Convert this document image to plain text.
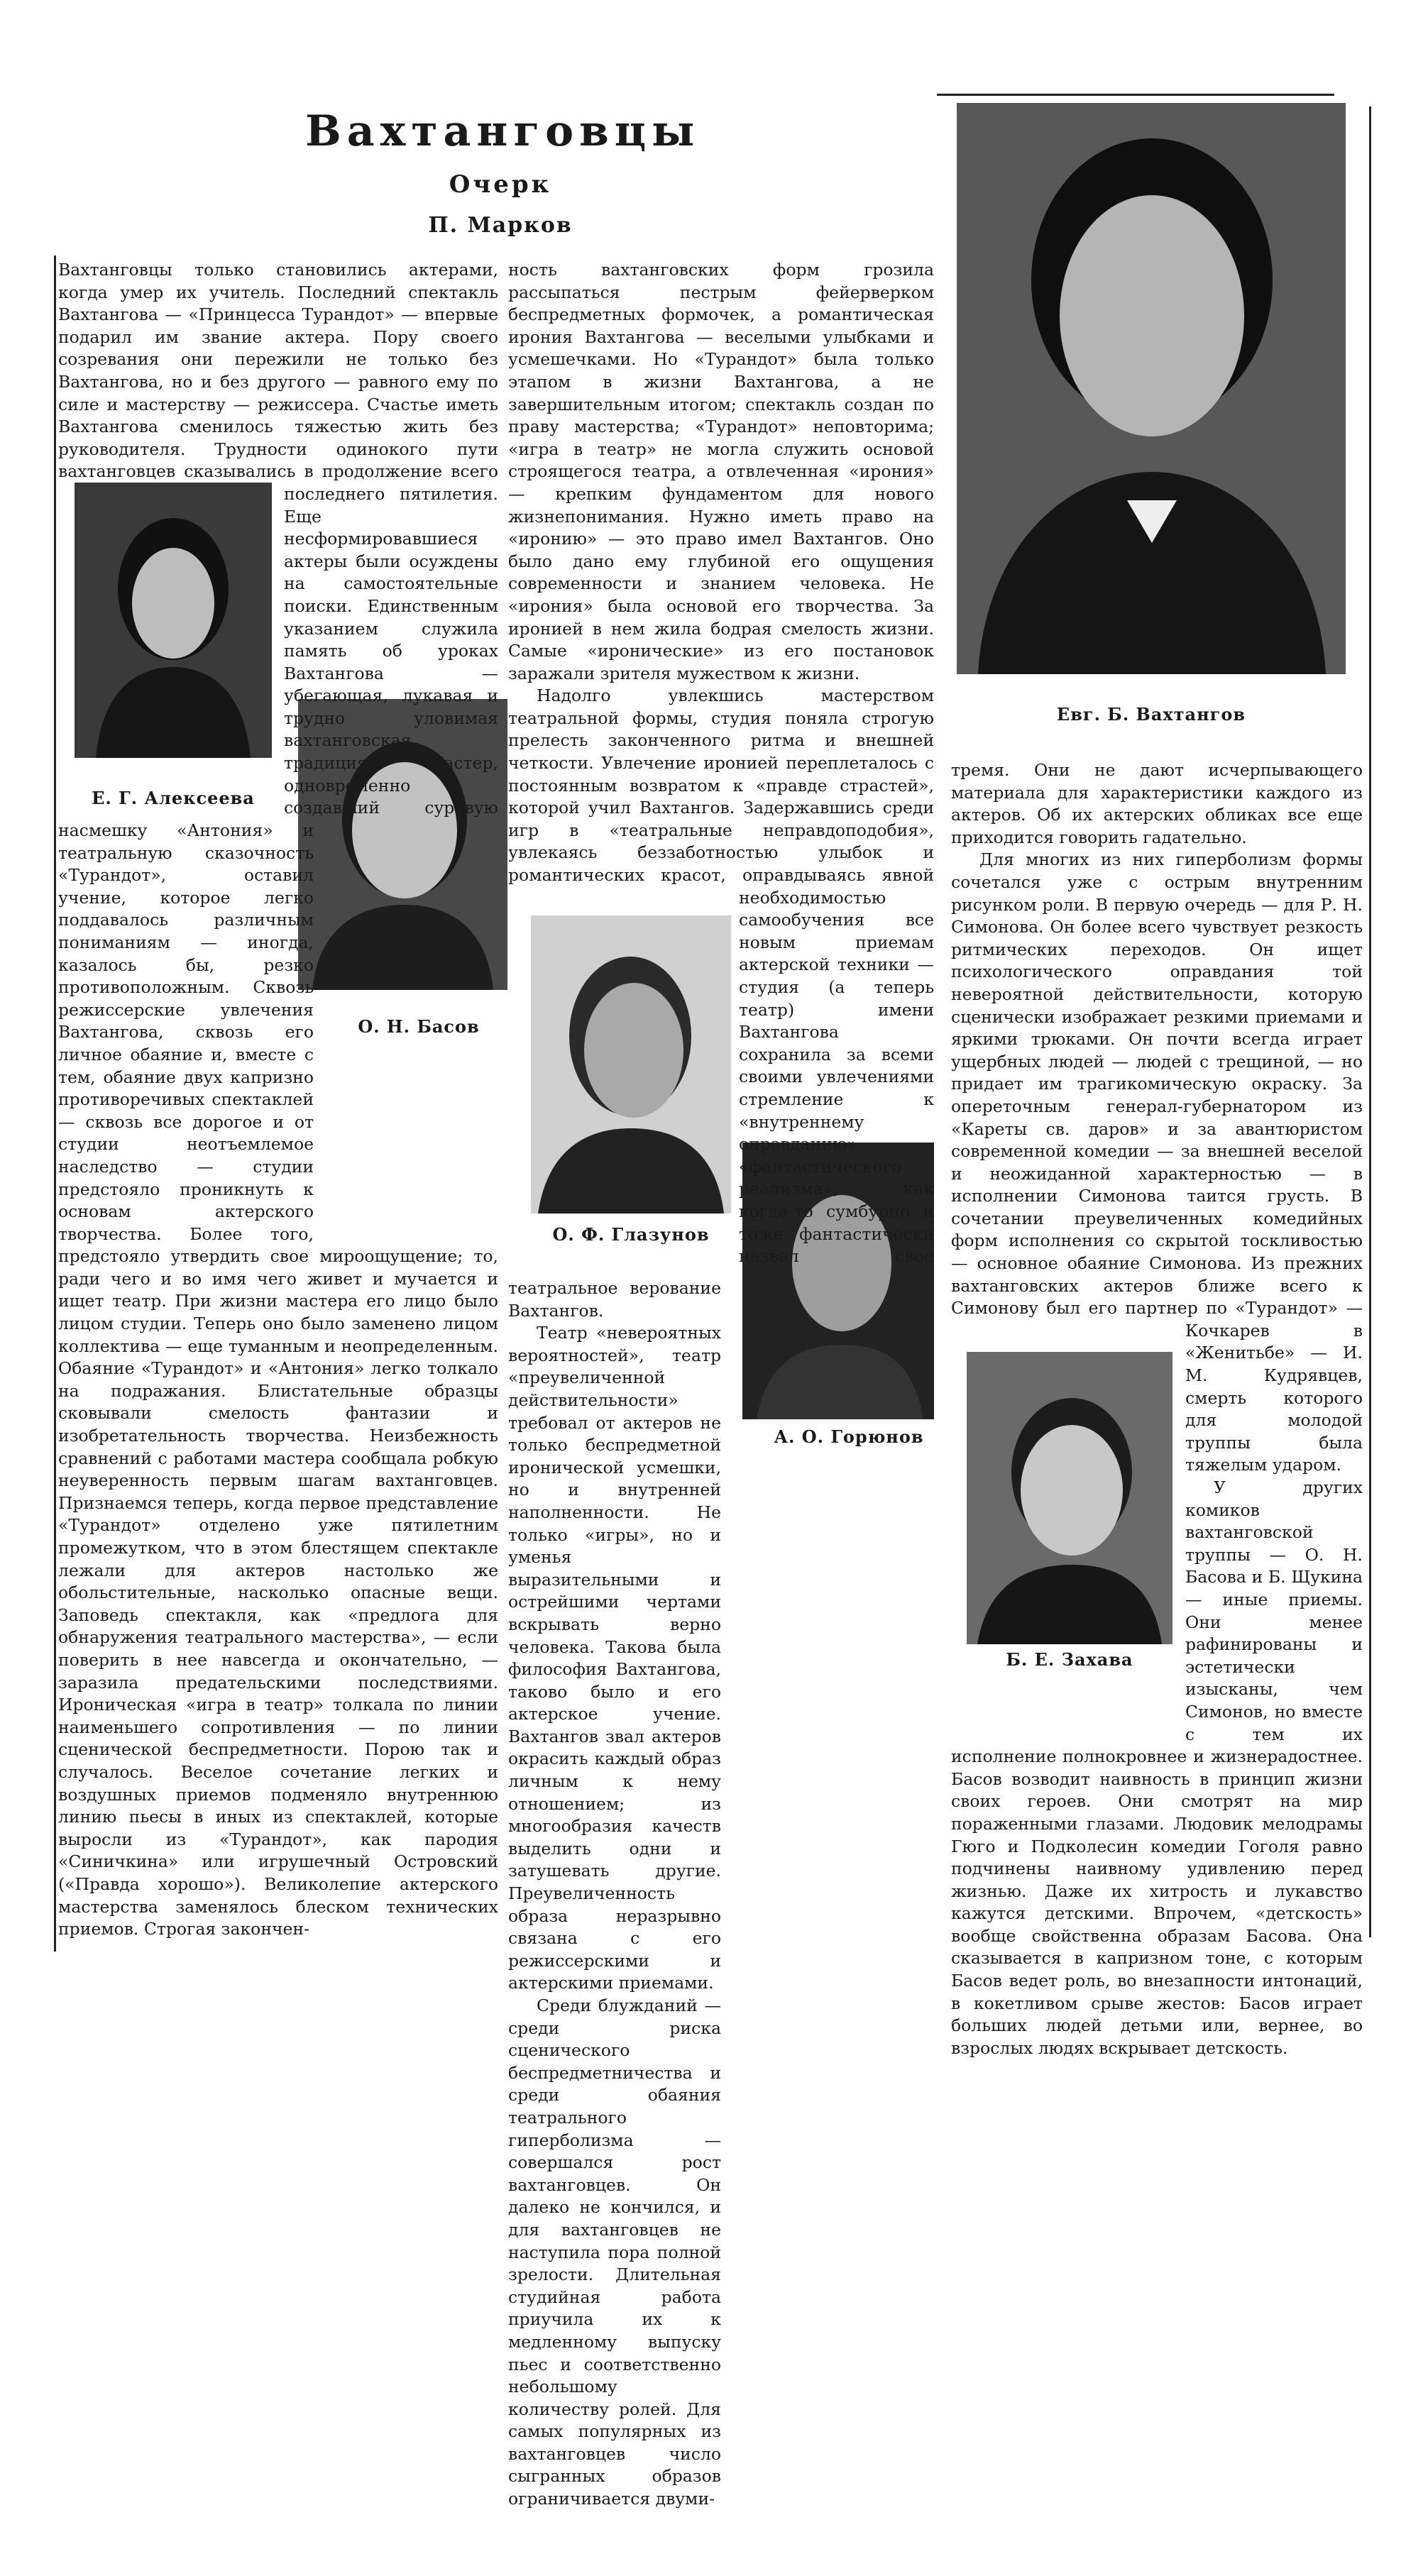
Вахтанговцы
Очерк
П. Марков
Е. Г. Алексеева
О. Н. Басов
О. Ф. Глазунов
А. О. Горюнов
Евг. Б. Вахтангов
Б. Е. Захава

Вахтанговцы только становились актерами, когда умер их учитель. Последний спектакль Вахтангова — «Принцесса Турандот» — впервые подарил им звание актера. Пору своего созревания они пережили не только без Вахтангова, но и без другого — равного ему по силе и мастерству — режиссера. Счастье иметь Вахтангова сменилось тяжестью жить без руководителя. Трудности одинокого пути вахтанговцев сказывались в продолжение всего последнего пятилетия. Еще несформировавшиеся актеры были осуждены на самостоятельные поиски. Единственным указанием служила память об уроках Вахтангова — убегающая, лукавая и трудно уловимая вахтанговская традиция. Мастер, одновременно создавший суровую насмешку «Антония» и театральную сказочность «Турандот», оставил учение, которое легко поддавалось различным пониманиям — иногда, казалось бы, резко противоположным. Сквозь режиссерские увлечения Вахтангова, сквозь его личное обаяние и, вместе с тем, обаяние двух капризно противоречивых спектаклей — сквозь все дорогое и от студии неотъемлемое наследство — студии предстояло проникнуть к основам актерского творчества. Более того, предстояло утвердить свое мироощущение; то, ради чего и во имя чего живет и мучается и ищет театр. При жизни мастера его лицо было лицом студии. Теперь оно было заменено лицом коллектива — еще туманным и неопределенным. Обаяние «Турандот» и «Антония» легко толкало на подражания. Блистательные образцы сковывали смелость фантазии и изобретательность творчества. Неизбежность сравнений с работами мастера сообщала робкую неуверенность первым шагам вахтанговцев. Признаемся теперь, когда первое представление «Турандот» отделено уже пятилетним промежутком, что в этом блестящем спектакле лежали для актеров настолько же обольстительные, насколько опасные вещи. Заповедь спектакля, как «предлога для обнаружения театрального мастерства», — если поверить в нее навсегда и окончательно, — заразила предательскими последствиями. Ироническая «игра в театр» толкала по линии наименьшего сопротивления — по линии сценической беспредметности. Порою так и случалось. Веселое сочетание легких и воздушных приемов подменяло внутреннюю линию пьесы в иных из спектаклей, которые выросли из «Турандот», как пародия «Синичкина» или игрушечный Островский («Правда хорошо»). Великолепие актерского мастерства заменялось блеском технических приемов. Строгая закончен-

ность вахтанговских форм грозила рассыпаться пестрым фейерверком беспредметных формочек, а романтическая ирония Вахтангова — веселыми улыбками и усмешечками. Но «Турандот» была только этапом в жизни Вахтангова, а не завершительным итогом; спектакль создан по праву мастерства; «Турандот» неповторима; «игра в театр» не могла служить основой строящегося театра, а отвлеченная «ирония» — крепким фундаментом для нового жизнепонимания. Нужно иметь право на «иронию» — это право имел Вахтангов. Оно было дано ему глубиной его ощущения современности и знанием человека. Не «ирония» была основой его творчества. За иронией в нем жила бодрая смелость жизни. Самые «иронические» из его постановок заражали зрителя мужеством к жизни.

Надолго увлекшись мастерством театральной формы, студия поняла строгую прелесть законченного ритма и внешней четкости. Увлечение иронией переплеталось с постоянным возвратом к «правде страстей», которой учил Вахтангов. Задержавшись среди игр в «театральные неправдоподобия», увлекаясь беззаботностью улыбок и романтических красот, оправдываясь явной необходимостью самообучения все новым приемам актерской техники — студия (а теперь театр) имени Вахтангова сохранила за всеми своими увлечениями стремление к «внутреннему оправданию» «фантастического реализма», как когда-то сумбурно и тоже фантастически назвал свое театральное верование Вахтангов.

Театр «невероятных вероятностей», театр «преувеличенной действительности» требовал от актеров не только беспредметной иронической усмешки, но и внутренней наполненности. Не только «игры», но и уменья выразительными и острейшими чертами вскрывать верно человека. Такова была философия Вахтангова, таково было и его актерское учение. Вахтангов звал актеров окрасить каждый образ личным к нему отношением; из многообразия качеств выделить одни и затушевать другие. Преувеличенность образа неразрывно связана с его режиссерскими и актерскими приемами.

Среди блужданий — среди риска сценического беспредметничества и среди обаяния театрального гиперболизма — совершался рост вахтанговцев. Он далеко не кончился, и для вахтанговцев не наступила пора полной зрелости. Длительная студийная работа приучила их к медленному выпуску пьес и соответственно небольшому количеству ролей. Для самых популярных из вахтанговцев число сыгранных образов ограничивается двуми-

тремя. Они не дают исчерпывающего материала для характеристики каждого из актеров. Об их актерских обликах все еще приходится говорить гадательно.

Для многих из них гиперболизм формы сочетался уже с острым внутренним рисунком роли. В первую очередь — для Р. Н. Симонова. Он более всего чувствует резкость ритмических переходов. Он ищет психологического оправдания той невероятной действительности, которую сценически изображает резкими приемами и яркими трюками. Он почти всегда играет ущербных людей — людей с трещиной, — но придает им трагикомическую окраску. За опереточным генерал-губернатором из «Кареты св. даров» и за авантюристом современной комедии — за внешней веселой и неожиданной характерностью — в исполнении Симонова таится грусть. В сочетании преувеличенных комедийных форм исполнения со скрытой тоскливостью — основное обаяние Симонова. Из прежних вахтанговских актеров ближе всего к Симонову был его партнер по «Турандот» — Кочкарев в «Женитьбе» — И. М. Кудрявцев, смерть которого для молодой труппы была тяжелым ударом.

У других комиков вахтанговской труппы — О. Н. Басова и Б. Щукина — иные приемы. Они менее рафинированы и эстетически изысканы, чем Симонов, но вместе с тем их исполнение полнокровнее и жизнерадостнее. Басов возводит наивность в принцип жизни своих героев. Они смотрят на мир пораженными глазами. Людовик мелодрамы Гюго и Подколесин комедии Гоголя равно подчинены наивному удивлению перед жизнью. Даже их хитрость и лукавство кажутся детскими. Впрочем, «детскость» вообще свойственна образам Басова. Она сказывается в капризном тоне, с которым Басов ведет роль, во внезапности интонаций, в кокетливом срыве жестов: Басов играет больших людей детьми или, вернее, во взрослых людях вскрывает детскость.
